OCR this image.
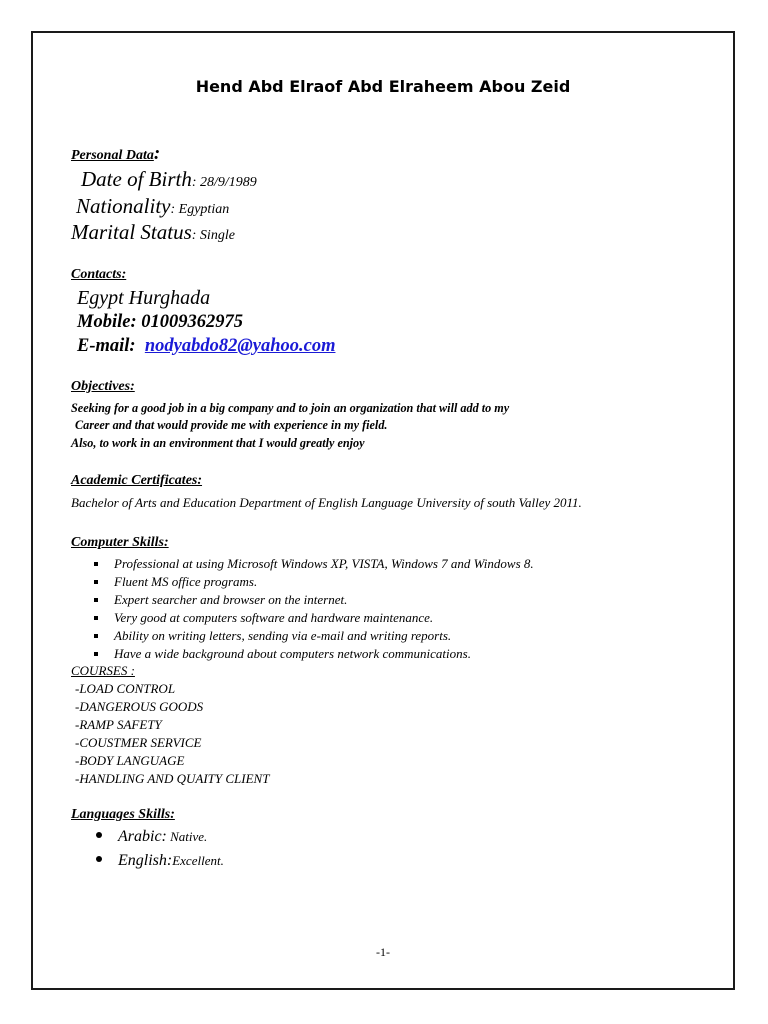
Hend Abd Elraof Abd Elraheem Abou Zeid
Personal Data:
Date of Birth: 28/9/1989
Nationality: Egyptian
Marital Status: Single
Contacts:
Egypt Hurghada
Mobile: 01009362975
E-mail: nodyabdo82@yahoo.com
Objectives:
Seeking for a good job in a big company and to join an organization that will add to my
Career and that would provide me with experience in my field.
Also, to work in an environment that I would greatly enjoy
Academic Certificates:
Bachelor of Arts and Education Department of English Language University of south Valley 2011.
Computer Skills:
Professional at using Microsoft Windows XP, VISTA, Windows 7 and Windows 8.
Fluent MS office programs.
Expert searcher and browser on the internet.
Very good at computers software and hardware maintenance.
Ability on writing letters, sending via e-mail and writing reports.
Have a wide background about computers network communications.
COURSES :
-LOAD CONTROL
-DANGEROUS GOODS
-RAMP SAFETY
-COUSTMER SERVICE
-BODY LANGUAGE
-HANDLING AND QUAITY CLIENT
Languages Skills:
Arabic: Native.
English:Excellent.
-1-
